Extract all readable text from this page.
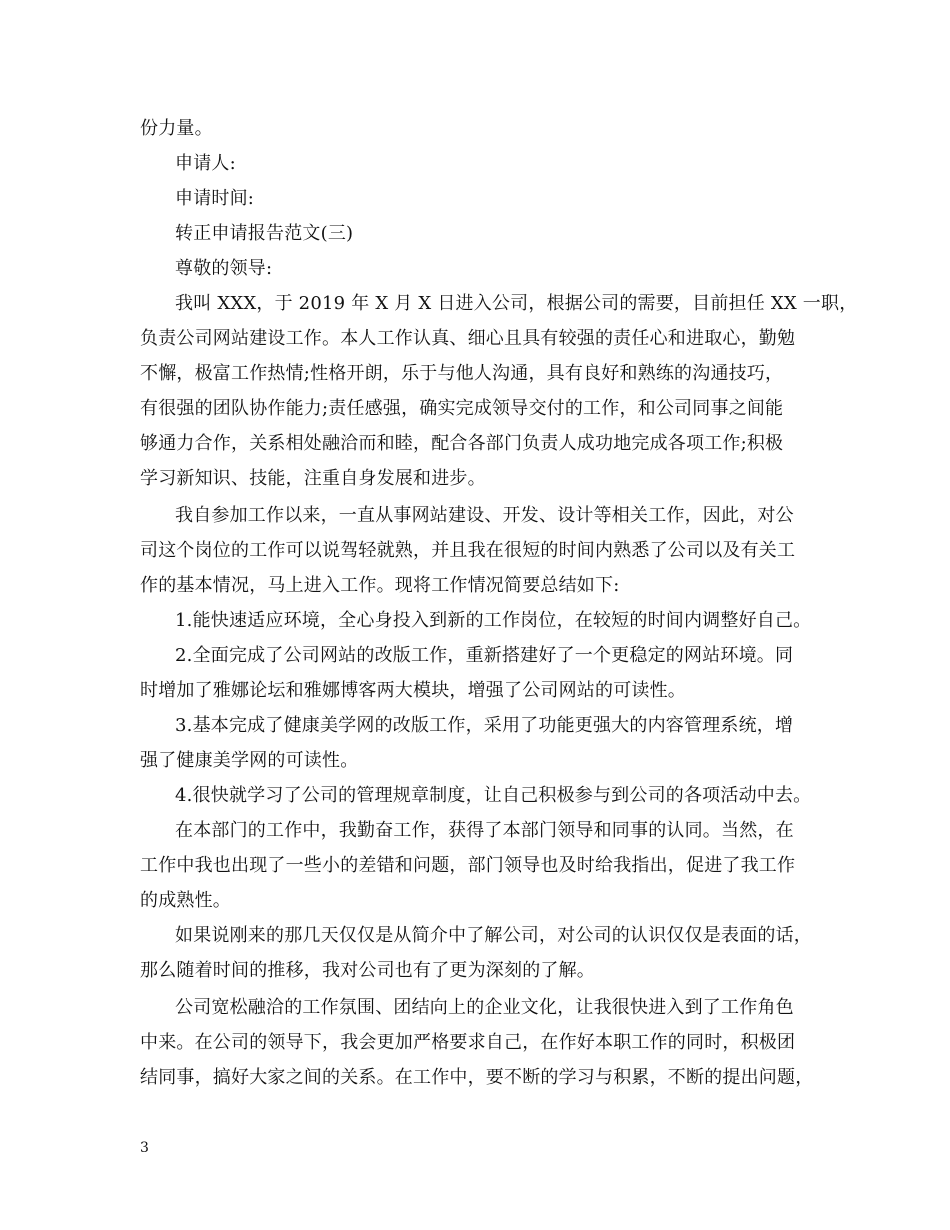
份力量。
申请人:
申请时间:
转正申请报告范文(三)
尊敬的领导:
我叫 XXX，于 2019 年 X 月 X 日进入公司，根据公司的需要，目前担任 XX 一职，
负责公司网站建设工作。本人工作认真、细心且具有较强的责任心和进取心，勤勉
不懈，极富工作热情;性格开朗，乐于与他人沟通，具有良好和熟练的沟通技巧，
有很强的团队协作能力;责任感强，确实完成领导交付的工作，和公司同事之间能
够通力合作，关系相处融洽而和睦，配合各部门负责人成功地完成各项工作;积极
学习新知识、技能，注重自身发展和进步。
我自参加工作以来，一直从事网站建设、开发、设计等相关工作，因此，对公
司这个岗位的工作可以说驾轻就熟，并且我在很短的时间内熟悉了公司以及有关工
作的基本情况，马上进入工作。现将工作情况简要总结如下:
1.能快速适应环境，全心身投入到新的工作岗位，在较短的时间内调整好自己。
2.全面完成了公司网站的改版工作，重新搭建好了一个更稳定的网站环境。同
时增加了雅娜论坛和雅娜博客两大模块，增强了公司网站的可读性。
3.基本完成了健康美学网的改版工作，采用了功能更强大的内容管理系统，增
强了健康美学网的可读性。
4.很快就学习了公司的管理规章制度，让自己积极参与到公司的各项活动中去。
在本部门的工作中，我勤奋工作，获得了本部门领导和同事的认同。当然，在
工作中我也出现了一些小的差错和问题，部门领导也及时给我指出，促进了我工作
的成熟性。
如果说刚来的那几天仅仅是从简介中了解公司，对公司的认识仅仅是表面的话，
那么随着时间的推移，我对公司也有了更为深刻的了解。
公司宽松融洽的工作氛围、团结向上的企业文化，让我很快进入到了工作角色
中来。在公司的领导下，我会更加严格要求自己，在作好本职工作的同时，积极团
结同事，搞好大家之间的关系。在工作中，要不断的学习与积累，不断的提出问题，
3
